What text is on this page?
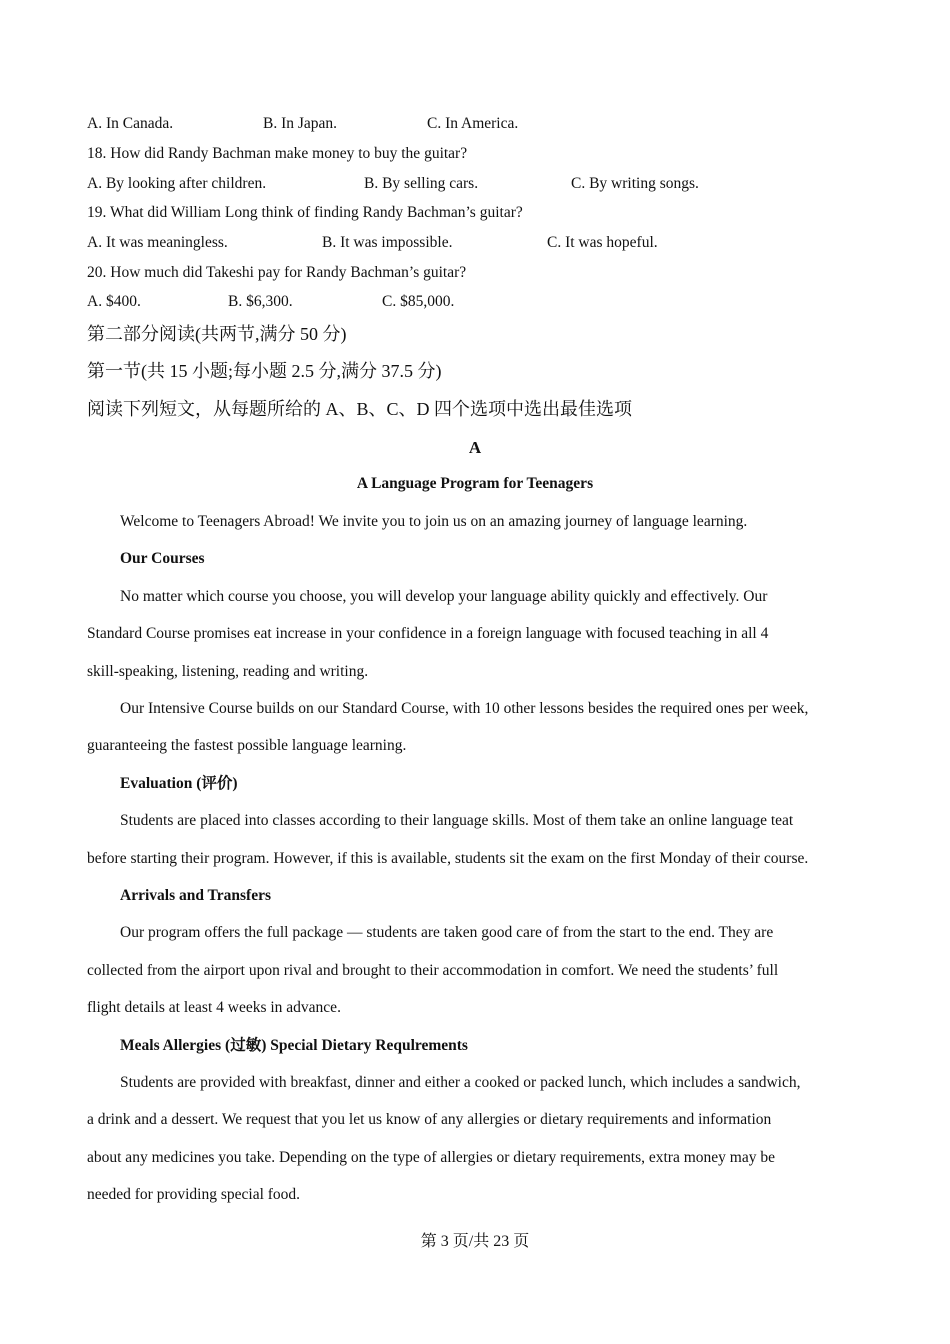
A. In Canada.	B. In Japan.	C. In America.
18. How did Randy Bachman make money to buy the guitar?
A. By looking after children.	B. By selling cars.	C. By writing songs.
19. What did William Long think of finding Randy Bachman’s guitar?
A. It was meaningless.	B. It was impossible.	C. It was hopeful.
20. How much did Takeshi pay for Randy Bachman’s guitar?
A. $400.	B. $6,300.	C. $85,000.
第二部分阅读(共两节,满分 50 分)
第一节(共 15 小题;每小题 2.5 分,满分 37.5 分)
阅读下列短文，从每题所给的 A、B、C、D 四个选项中选出最佳选项
A
A Language Program for Teenagers
Welcome to Teenagers Abroad! We invite you to join us on an amazing journey of language learning.
Our Courses
No matter which course you choose, you will develop your language ability quickly and effectively. Our
Standard Course promises eat increase in your confidence in a foreign language with focused teaching in all 4
skill-speaking, listening, reading and writing.
Our Intensive Course builds on our Standard Course, with 10 other lessons besides the required ones per week,
guaranteeing the fastest possible language learning.
Evaluation (评价)
Students are placed into classes according to their language skills. Most of them take an online language teat
before starting their program. However, if this is available, students sit the exam on the first Monday of their course.
Arrivals and Transfers
Our program offers the full package — students are taken good care of from the start to the end. They are
collected from the airport upon rival and brought to their accommodation in comfort. We need the students’ full
flight details at least 4 weeks in advance.
Meals Allergies (过敏) Special Dietary Requlrements
Students are provided with breakfast, dinner and either a cooked or packed lunch, which includes a sandwich,
a drink and a dessert. We request that you let us know of any allergies or dietary requirements and information
about any medicines you take. Depending on the type of allergies or dietary requirements, extra money may be
needed for providing special food.
第 3 页/共 23 页
